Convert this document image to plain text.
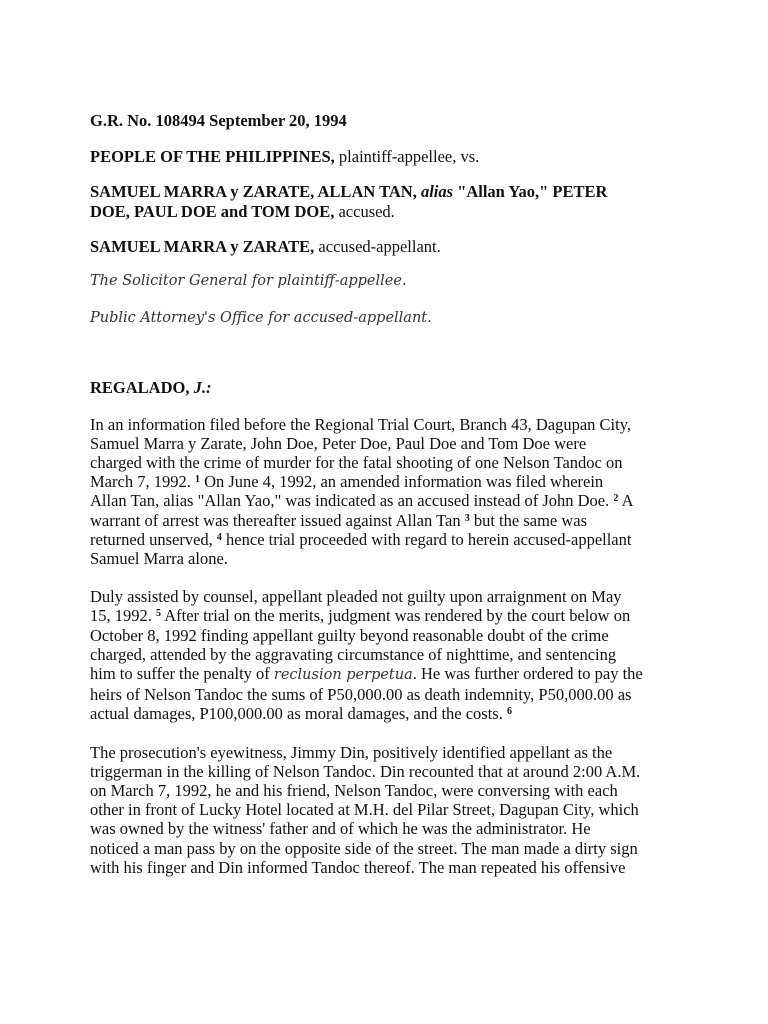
G.R. No. 108494 September 20, 1994

PEOPLE OF THE PHILIPPINES, plaintiff-appellee, vs.

SAMUEL MARRA y ZARATE, ALLAN TAN, alias "Allan Yao," PETER
DOE, PAUL DOE and TOM DOE, accused.

SAMUEL MARRA y ZARATE, accused-appellant.

The Solicitor General for plaintiff-appellee.

Public Attorney's Office for accused-appellant.

REGALADO, J.:

In an information filed before the Regional Trial Court, Branch 43, Dagupan City,
Samuel Marra y Zarate, John Doe, Peter Doe, Paul Doe and Tom Doe were
charged with the crime of murder for the fatal shooting of one Nelson Tandoc on
March 7, 1992. $^1$ On June 4, 1992, an amended information was filed wherein
Allan Tan, alias "Allan Yao," was indicated as an accused instead of John Doe. $^2$ A
warrant of arrest was thereafter issued against Allan Tan $^3$ but the same was
returned unserved, $^4$ hence trial proceeded with regard to herein accused-appellant
Samuel Marra alone.

Duly assisted by counsel, appellant pleaded not guilty upon arraignment on May
15, 1992. $^5$ After trial on the merits, judgment was rendered by the court below on
October 8, 1992 finding appellant guilty beyond reasonable doubt of the crime
charged, attended by the aggravating circumstance of nighttime, and sentencing
him to suffer the penalty of reclusion perpetua. He was further ordered to pay the
heirs of Nelson Tandoc the sums of P50,000.00 as death indemnity, P50,000.00 as
actual damages, P100,000.00 as moral damages, and the costs. $^6$

The prosecution's eyewitness, Jimmy Din, positively identified appellant as the
triggerman in the killing of Nelson Tandoc. Din recounted that at around 2:00 A.M.
on March 7, 1992, he and his friend, Nelson Tandoc, were conversing with each
other in front of Lucky Hotel located at M.H. del Pilar Street, Dagupan City, which
was owned by the witness' father and of which he was the administrator. He
noticed a man pass by on the opposite side of the street. The man made a dirty sign
with his finger and Din informed Tandoc thereof. The man repeated his offensive
